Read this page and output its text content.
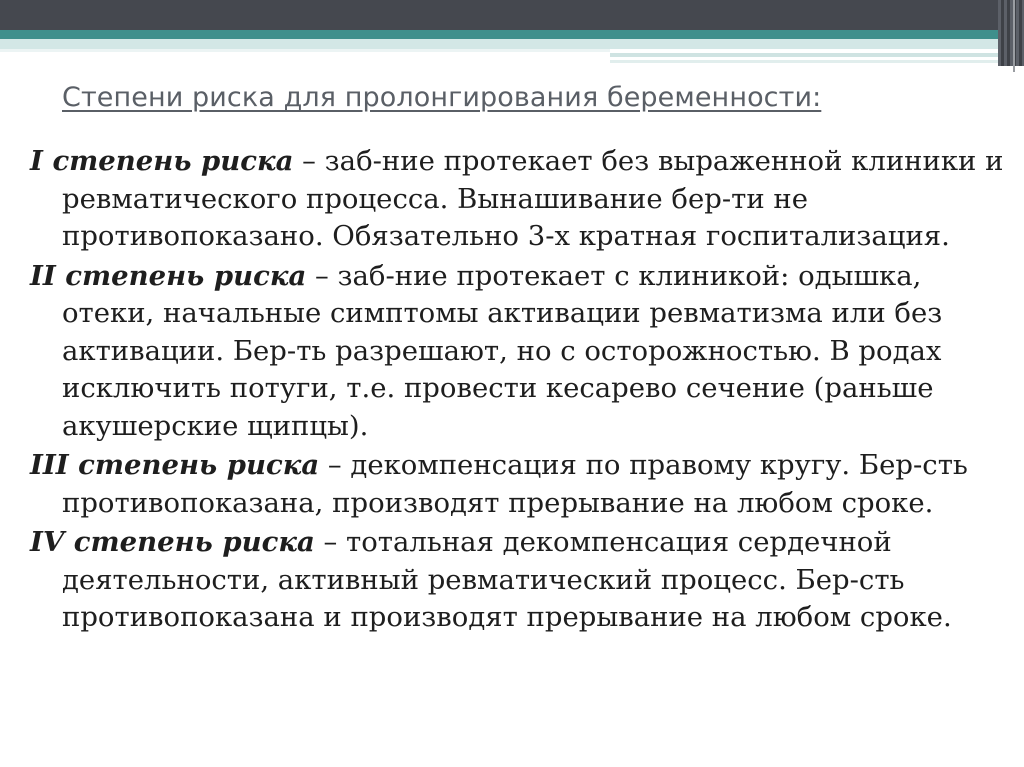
Степени риска для пролонгирования беременности:

I степень риска – заб-ние протекает без выраженной клиники и ревматического процесса. Вынашивание бер-ти не противопоказано. Обязательно 3-х кратная госпитализация.

II степень риска – заб-ние протекает с клиникой: одышка, отеки, начальные симптомы активации ревматизма или без активации. Бер-ть разрешают, но с осторожностью. В родах исключить потуги, т.е. провести кесарево сечение (раньше акушерские щипцы).

III степень риска – декомпенсация по правому кругу. Бер-сть противопоказана, производят прерывание на любом сроке.

IV степень риска – тотальная декомпенсация сердечной деятельности, активный ревматический процесс. Бер-сть противопоказана и производят прерывание на любом сроке.
